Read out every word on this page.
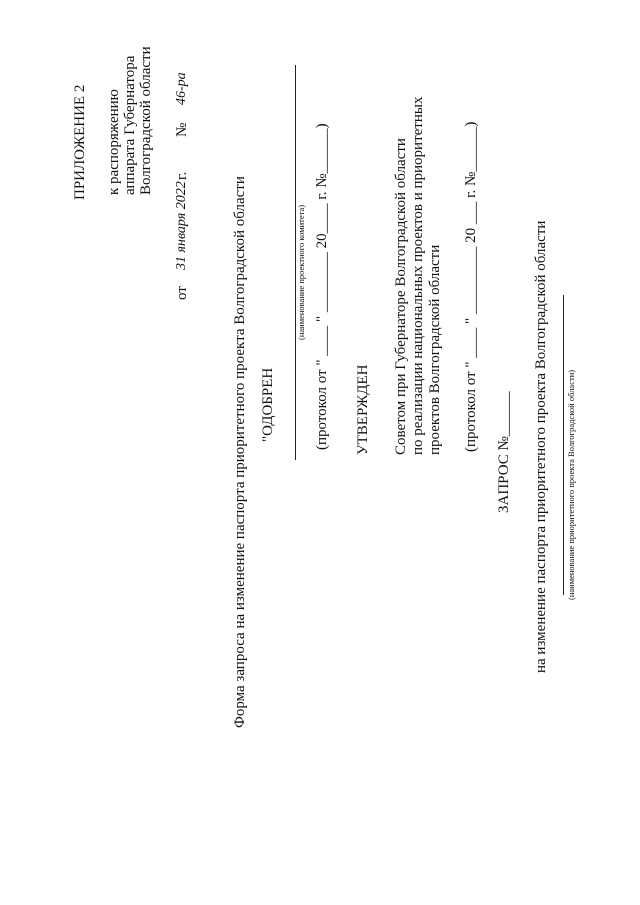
ПРИЛОЖЕНИЕ 2 к распоряжению аппарата Губернатора Волгоградской области
от
31 января 2022
г.
№
46-ра
Форма запроса на изменение паспорта приоритетного проекта Волгоградской области "ОДОБРЕН
(наименование проектного комитета) (протокол от " ____ " ________ 20____ г. №______) УТВЕРЖДЕН Советом при Губернаторе Волгоградской области по реализации национальных проектов и приоритетных проектов Волгоградской области (протокол от " ____ " _________ 20 ___ г. №______)
ЗАПРОС №______ на изменение паспорта приоритетного проекта Волгоградской области (наименование приоритетного проекта Волгоградской области)
